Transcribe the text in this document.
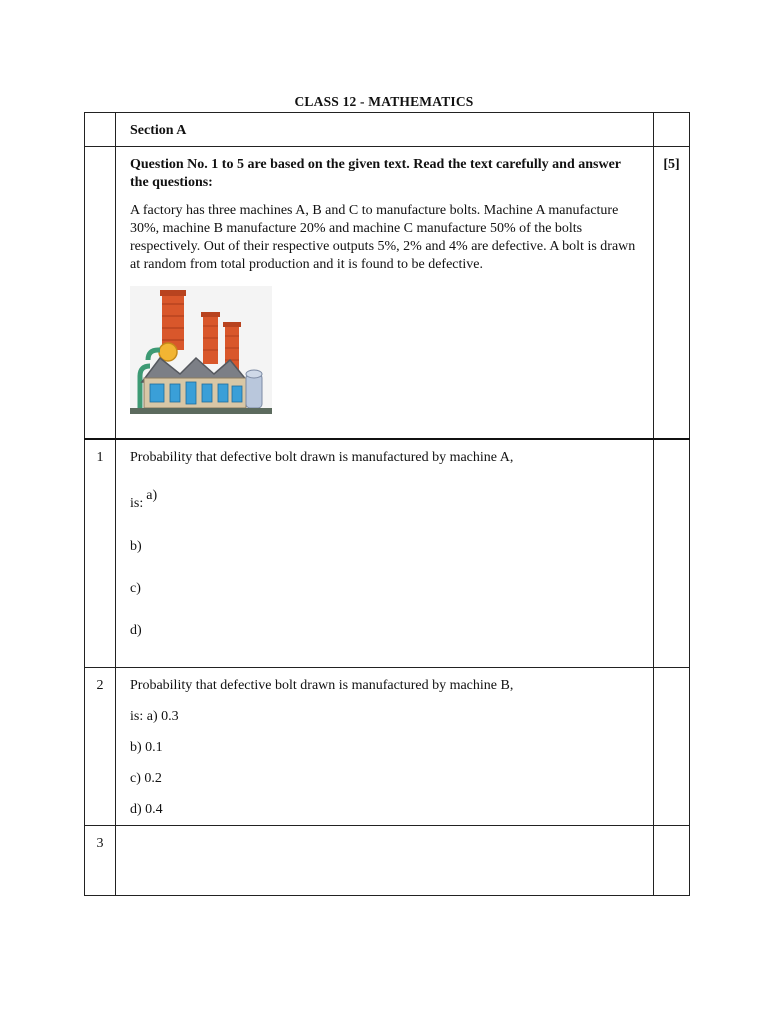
CLASS 12 - MATHEMATICS

	Section A	

	Question No. 1 to 5 are based on the given text. Read the text carefully and answer the questions:

A factory has three machines A, B and C to manufacture bolts. Machine A manufacture 30%, machine B manufacture 20% and machine C manufacture 50% of the bolts respectively. Out of their respective outputs 5%, 2% and 4% are defective. A bolt is drawn at random from total production and it is found to be defective.	[5]

1	Probability that defective bolt drawn is manufactured by machine A,

is:a)

b)

c)

d)	

2	Probability that defective bolt drawn is manufactured by machine B,

is: a) 0.3

b) 0.1

c) 0.2

d) 0.4	

3		
